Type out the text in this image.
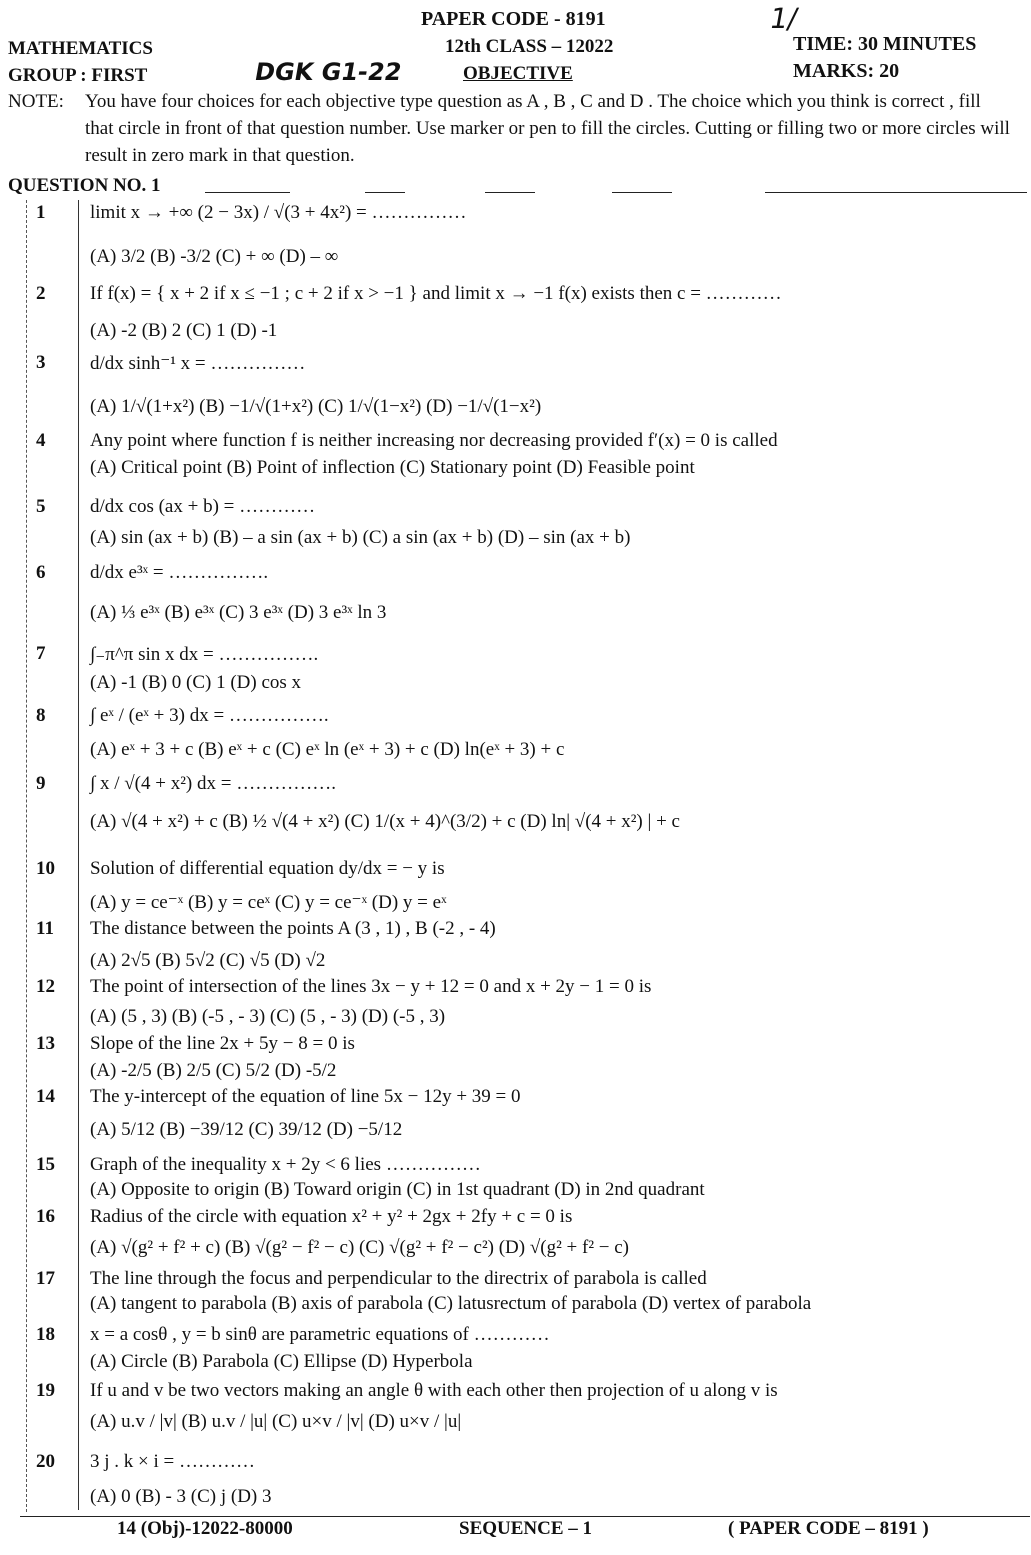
PAPER CODE - 8191	1/
MATHEMATICS	12th CLASS – 12022	TIME: 30 MINUTES
GROUP : FIRST	DGK G1-22	OBJECTIVE	MARKS: 20
NOTE: You have four choices for each objective type question as A , B , C and D . The choice which you think is correct , fill that circle in front of that question number. Use marker or pen to fill the circles. Cutting or filling two or more circles will result in zero mark in that question.
QUESTION NO. 1
1 limit x → +∞ (2 − 3x) / √(3 + 4x²) = ……………
(A) 3/2 (B) -3/2 (C) + ∞ (D) – ∞
2 If f(x) = { x + 2 if x ≤ −1 ; c + 2 if x > −1 } and limit x → −1 f(x) exists then c = …………
(A) -2 (B) 2 (C) 1 (D) -1
3 d/dx sinh⁻¹ x = ……………
(A) 1/√(1+x²) (B) −1/√(1+x²) (C) 1/√(1−x²) (D) −1/√(1−x²)
4 Any point where function f is neither increasing nor decreasing provided f′(x) = 0 is called
(A) Critical point (B) Point of inflection (C) Stationary point (D) Feasible point
5 d/dx cos (ax + b) = …………
(A) sin (ax + b) (B) – a sin (ax + b) (C) a sin (ax + b) (D) – sin (ax + b)
6 d/dx e³ˣ = …………….
(A) ⅓ e³ˣ (B) e³ˣ (C) 3 e³ˣ (D) 3 e³ˣ ln 3
7 ∫₋π^π sin x dx = …………….
(A) -1 (B) 0 (C) 1 (D) cos x
8 ∫ eˣ / (eˣ + 3) dx = …………….
(A) eˣ + 3 + c (B) eˣ + c (C) eˣ ln (eˣ + 3) + c (D) ln(eˣ + 3) + c
9 ∫ x / √(4 + x²) dx = …………….
(A) √(4 + x²) + c (B) ½ √(4 + x²) (C) 1/(x + 4)^(3/2) + c (D) ln| √(4 + x²) | + c
10 Solution of differential equation dy/dx = − y is
(A) y = ce⁻ˣ (B) y = ceˣ (C) y = ce⁻ˣ (D) y = eˣ
11 The distance between the points A (3 , 1) , B (-2 , - 4)
(A) 2√5 (B) 5√2 (C) √5 (D) √2
12 The point of intersection of the lines 3x − y + 12 = 0 and x + 2y − 1 = 0 is
(A) (5 , 3) (B) (-5 , - 3) (C) (5 , - 3) (D) (-5 , 3)
13 Slope of the line 2x + 5y − 8 = 0 is
(A) -2/5 (B) 2/5 (C) 5/2 (D) -5/2
14 The y-intercept of the equation of line 5x − 12y + 39 = 0
(A) 5/12 (B) −39/12 (C) 39/12 (D) −5/12
15 Graph of the inequality x + 2y < 6 lies ……………
(A) Opposite to origin (B) Toward origin (C) in 1st quadrant (D) in 2nd quadrant
16 Radius of the circle with equation x² + y² + 2gx + 2fy + c = 0 is
(A) √(g² + f² + c) (B) √(g² − f² − c) (C) √(g² + f² − c²) (D) √(g² + f² − c)
17 The line through the focus and perpendicular to the directrix of parabola is called
(A) tangent to parabola (B) axis of parabola (C) latusrectum of parabola (D) vertex of parabola
18 x = a cosθ , y = b sinθ are parametric equations of …………
(A) Circle (B) Parabola (C) Ellipse (D) Hyperbola
19 If u and v be two vectors making an angle θ with each other then projection of u along v is
(A) u.v / |v| (B) u.v / |u| (C) u×v / |v| (D) u×v / |u|
20 3 j . k × i = …………
(A) 0 (B) - 3 (C) j (D) 3
14 (Obj)-12022-80000	SEQUENCE – 1	( PAPER CODE – 8191 )
